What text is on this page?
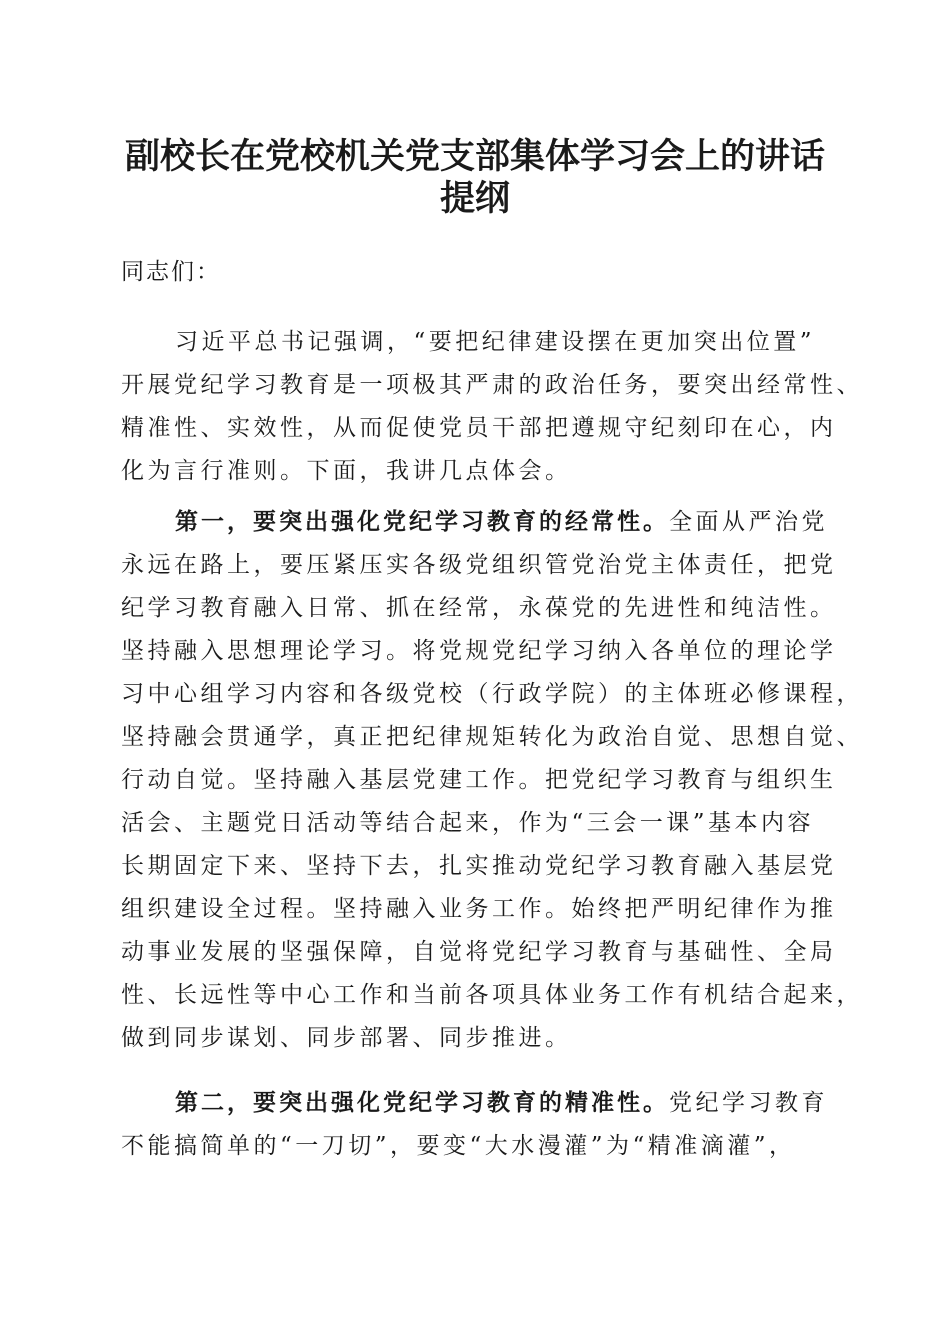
副校长在党校机关党支部集体学习会上的讲话
提纲
同志们：
习近平总书记强调，“要把纪律建设摆在更加突出位置”
开展党纪学习教育是一项极其严肃的政治任务，要突出经常性、
精准性、实效性，从而促使党员干部把遵规守纪刻印在心，内
化为言行准则。下面，我讲几点体会。
第一，要突出强化党纪学习教育的经常性。全面从严治党
永远在路上，要压紧压实各级党组织管党治党主体责任，把党
纪学习教育融入日常、抓在经常，永葆党的先进性和纯洁性。
坚持融入思想理论学习。将党规党纪学习纳入各单位的理论学
习中心组学习内容和各级党校（行政学院）的主体班必修课程，
坚持融会贯通学，真正把纪律规矩转化为政治自觉、思想自觉、
行动自觉。坚持融入基层党建工作。把党纪学习教育与组织生
活会、主题党日活动等结合起来，作为“三会一课”基本内容
长期固定下来、坚持下去，扎实推动党纪学习教育融入基层党
组织建设全过程。坚持融入业务工作。始终把严明纪律作为推
动事业发展的坚强保障，自觉将党纪学习教育与基础性、全局
性、长远性等中心工作和当前各项具体业务工作有机结合起来，
做到同步谋划、同步部署、同步推进。
第二，要突出强化党纪学习教育的精准性。党纪学习教育
不能搞简单的“一刀切”，要变“大水漫灌”为“精准滴灌”，
